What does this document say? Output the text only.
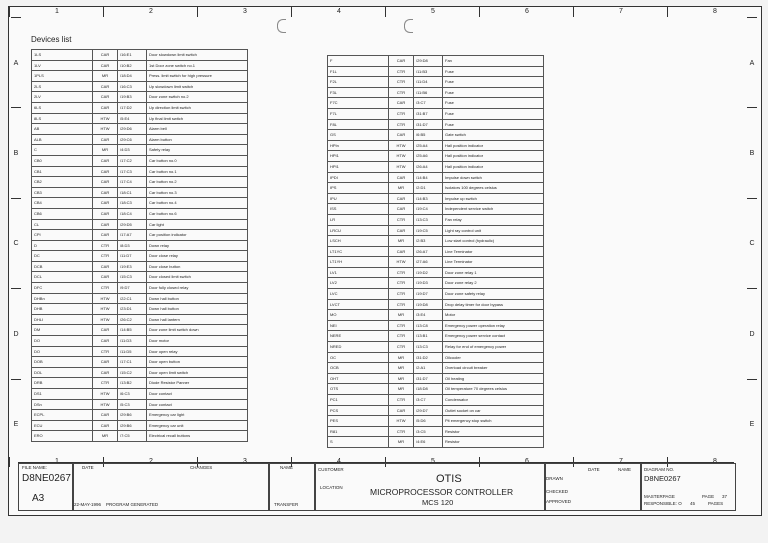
1	2	3	4	5	6	7	8
1	2	3	4	5	6	7	8
A
B
C
D
E
A
B
C
D
E
Devices list
1LS	CAR	/16:E1	Door slowdown limit switch
1LV	CAR	/10:B2	1st Door zone switch no.1
1PLS	MR	/18:D4	Press. limit switch for high pressure
2LS	CAR	/16:C3	Up slowdown limit switch
2LV	CAR	/19:B3	Door zone switch no.2
6LS	CAR	/17:D2	Up direction limit switch
8LS	HTW	/5:E4	Up final limit switch
AB	HTW	/29:D6	Alarm bell
ALB	CAR	/29:C6	Alarm button
C	MR	/4:D3	Safety relay
CB0	CAR	/17:C2	Car button no.0
CB1	CAR	/17:C3	Car button no.1
CB2	CAR	/17:C4	Car button no.2
CB3	CAR	/18:C1	Car button no.3
CB4	CAR	/18:C3	Car button no.4
CB6	CAR	/18:C4	Car button no.6
CL	CAR	/29:D5	Car light
CPI	CAR	/17:A7	Car position indicator
D	CTR	/8:D3	Down relay
DC	CTR	/11:D7	Door close relay
DCB	CAR	/19:E3	Door close button
DCL	CAR	/15:C3	Door closed limit switch
DFC	CTR	/9:D7	Door fully closed relay
DHBn	HTW	/22:C1	Down hall button
DHB	HTW	/23:D1	Down hall button
DHLI	HTW	/26:C2	Down hall lantern
DM	CAR	/14:B5	Door zone limit switch down
DO	CAR	/11:D3	Door motor
DO	CTR	/11:D5	Door open relay
DOB	CAR	/17:C1	Door open button
DOL	CAR	/15:C2	Door open limit switch
DRB	CTR	/13:B2	Diode Resistor Panner
DS1	HTW	/6:C3	Door contact
DSn	HTW	/5:C3	Door contact
ECPL	CAR	/29:B6	Emergency car light
ECU	CAR	/29:B6	Emergency car unit
ERO	MR	/7:C5	Electrical recall buttons
F	CAR	/29:D8	Fan
F1L	CTR	/11:B3	Fuse
F2L	CTR	/11:D4	Fuse
F3L	CTR	/11:B6	Fuse
F7C	CAR	/3:C7	Fuse
F7L	CTR	/31:B7	Fuse
F8L	CTR	/31:D7	Fuse
GS	CAR	/6:B5	Gate switch
HPIn	HTW	/25:A4	Hall position indicator
HPI1	HTW	/25:A6	Hall position indicator
HPI1	HTW	/26:A4	Hall position indicator
IPDI	CAR	/14:B4	Impulse down switch
IPS	MR	/2:D1	Isolators 100 degrees celsius
IPU	CAR	/14:B3	Impulse up switch
ISS	CAR	/19:C4	Independent service switch
LR	CTR	/13:C3	Fan relay
LRCU	CAR	/19:C5	Light ray control unit
LSCH	MR	/2:B3	Low start control (hydraulic)
LT1YC	CAR	/26:A7	Line Terminator
LT1YH	HTW	/27:A6	Line Terminator
LV1	CTR	/19:D2	Door zone relay 1
LV2	CTR	/19:D3	Door zone relay 2
LVC	CTR	/19:D7	Door zone safety relay
LVCT	CTR	/19:D8	Drop delay timer for door bypass
MO	MR	/3:E4	Motor
NEI	CTR	/13:C8	Emergency power operation relay
NERE	CTR	/13:B1	Emergency power service contact
NRED	CTR	/13:C3	Relay for end of emergency power
OC	MR	/31:D2	Oilcooler
OCB	MR	/2:A1	Overload circuit breaker
OHT	MR	/31:D7	Oil heating
OTS	MR	/18:D8	Oil temperature 70 degrees celsius
PC1	CTR	/3:C7	Condensator
PCS	CAR	/29:D7	Outlet socket on car
PES	HTW	/5:D6	Pit emergency stop switch
R81	CTR	/3:C5	Resistor
S	MR	/4:E6	Resistor
FILE NAME:
D8NE0267
A3
DATE	CHANGES	NAME
22-MAY-1996 PROGRAM GENERATED	TRANSFER
CUSTOMER
LOCATION
OTIS
MICROPROCESSOR CONTROLLER
MCS 120
DATE	NAME
DRAWN
CHECKED
APPROVED
DIAGRAM NO.
D8NE0267
MASTERPAGE
RESPONSIBLE: O
PAGE 37
45	PAGES
